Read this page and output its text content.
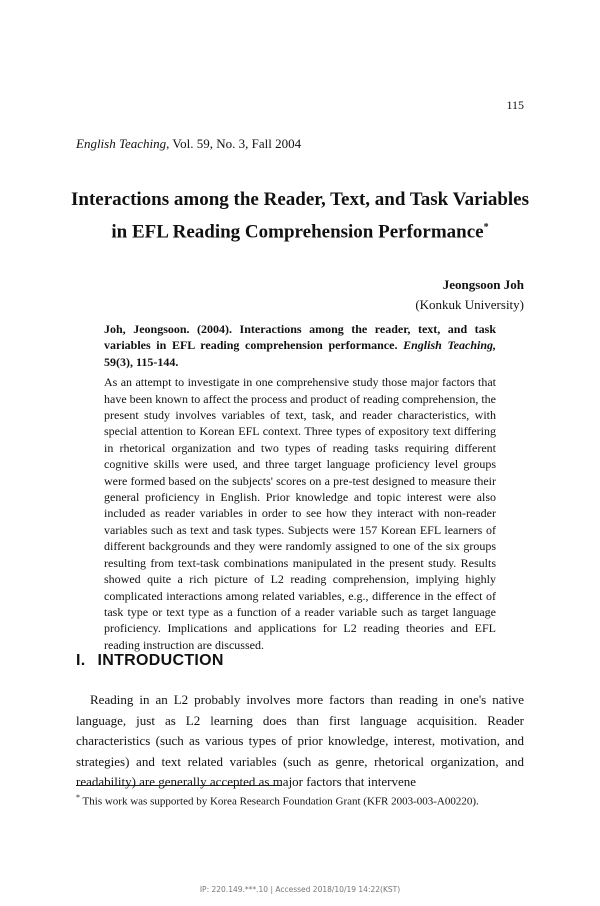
115
English Teaching, Vol. 59, No. 3, Fall 2004
Interactions among the Reader, Text, and Task Variables
in EFL Reading Comprehension Performance*
Jeongsoon Joh
(Konkuk University)

Joh, Jeongsoon. (2004). Interactions among the reader, text, and task variables in EFL reading comprehension performance. English Teaching, 59(3), 115-144.

As an attempt to investigate in one comprehensive study those major factors that have been known to affect the process and product of reading comprehension, the present study involves variables of text, task, and reader characteristics, with special attention to Korean EFL context. Three types of expository text differing in rhetorical organization and two types of reading tasks requiring different cognitive skills were used, and three target language proficiency level groups were formed based on the subjects' scores on a pre-test designed to measure their general proficiency in English. Prior knowledge and topic interest were also included as reader variables in order to see how they interact with non-reader variables such as text and task types. Subjects were 157 Korean EFL learners of different backgrounds and they were randomly assigned to one of the six groups resulting from text-task combinations manipulated in the present study. Results showed quite a rich picture of L2 reading comprehension, implying highly complicated interactions among related variables, e.g., difference in the effect of task type or text type as a function of a reader variable such as target language proficiency. Implications and applications for L2 reading theories and EFL reading instruction are discussed.

I. INTRODUCTION

Reading in an L2 probably involves more factors than reading in one's native language, just as L2 learning does than first language acquisition. Reader characteristics (such as various types of prior knowledge, interest, motivation, and strategies) and text related variables (such as genre, rhetorical organization, and readability) are generally accepted as major factors that intervene

* This work was supported by Korea Research Foundation Grant (KFR 2003-003-A00220).
IP: 220.149.***.10 | Accessed 2018/10/19 14:22(KST)
